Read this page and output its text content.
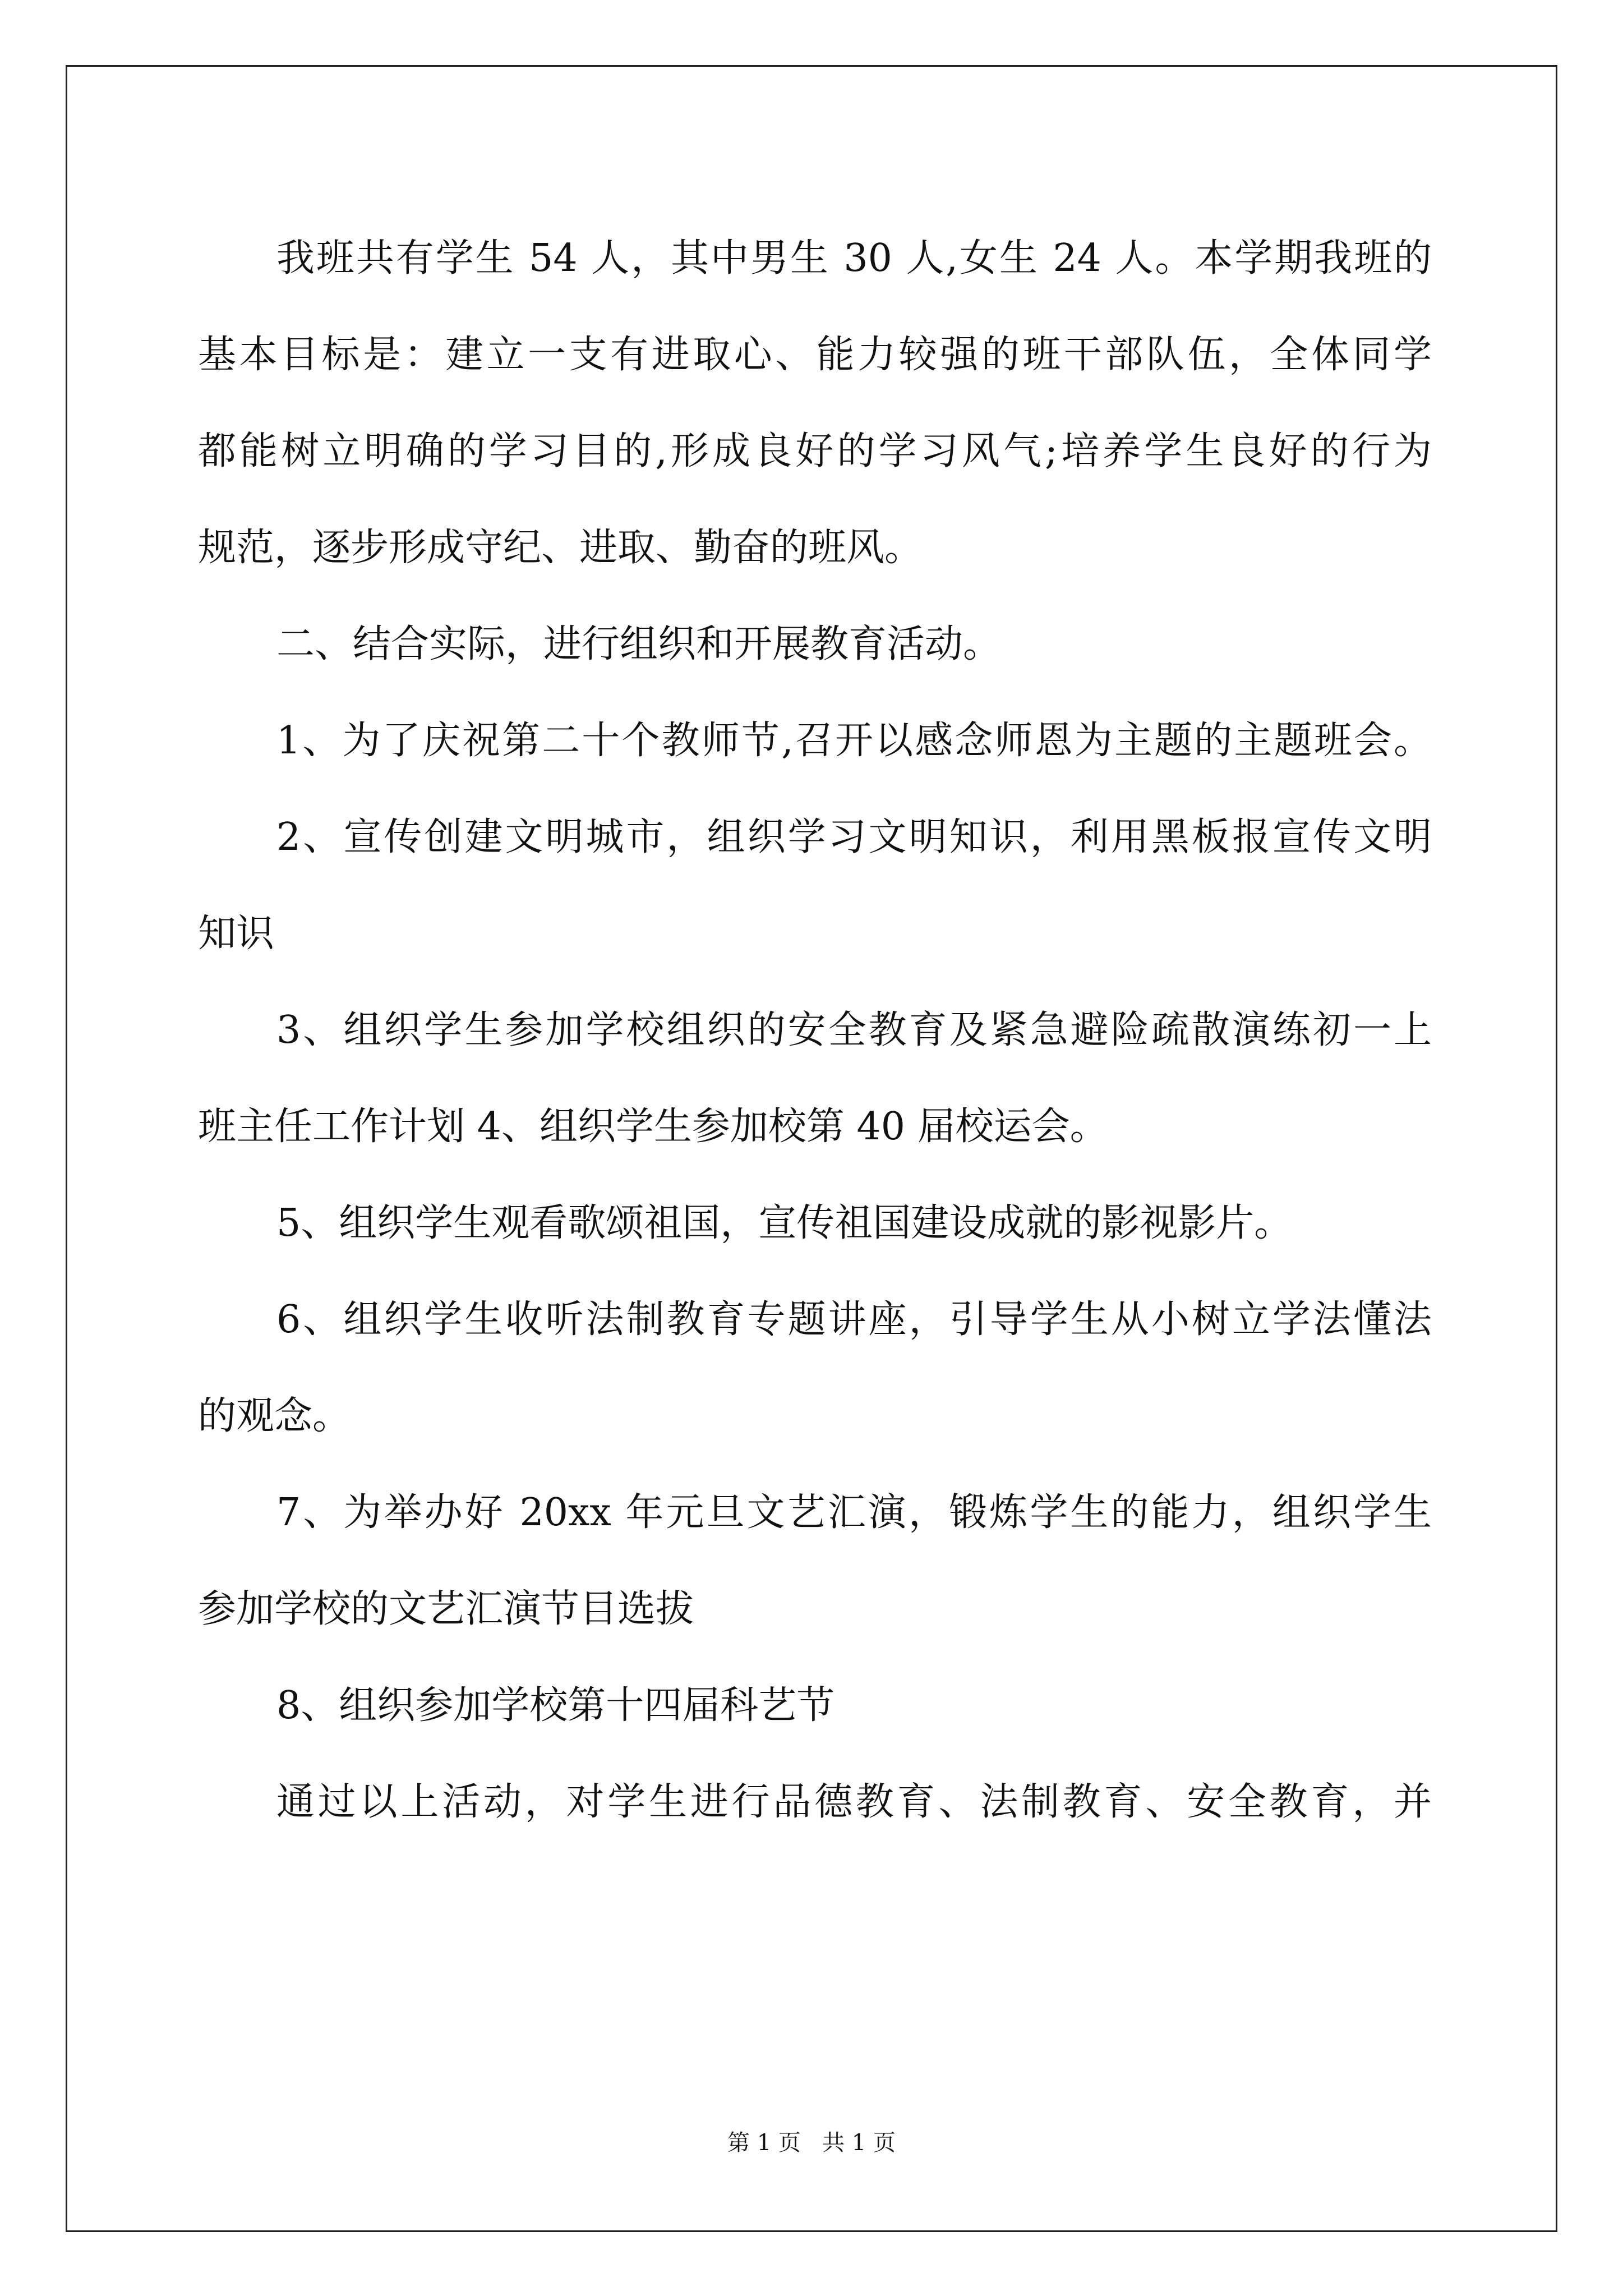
我班共有学生 54 人，其中男生 30 人,女生 24 人。本学期我班的
基本目标是：建立一支有进取心、能力较强的班干部队伍，全体同学
都能树立明确的学习目的,形成良好的学习风气;培养学生良好的行为
规范，逐步形成守纪、进取、勤奋的班风。
二、结合实际，进行组织和开展教育活动。
1、为了庆祝第二十个教师节,召开以感念师恩为主题的主题班会。
2、宣传创建文明城市，组织学习文明知识，利用黑板报宣传文明
知识
3、组织学生参加学校组织的安全教育及紧急避险疏散演练初一上
班主任工作计划 4、组织学生参加校第 40 届校运会。
5、组织学生观看歌颂祖国，宣传祖国建设成就的影视影片。
6、组织学生收听法制教育专题讲座，引导学生从小树立学法懂法
的观念。
7、为举办好 20xx 年元旦文艺汇演，锻炼学生的能力，组织学生
参加学校的文艺汇演节目选拔
8、组织参加学校第十四届科艺节
通过以上活动，对学生进行品德教育、法制教育、安全教育，并
第 1 页   共 1 页
